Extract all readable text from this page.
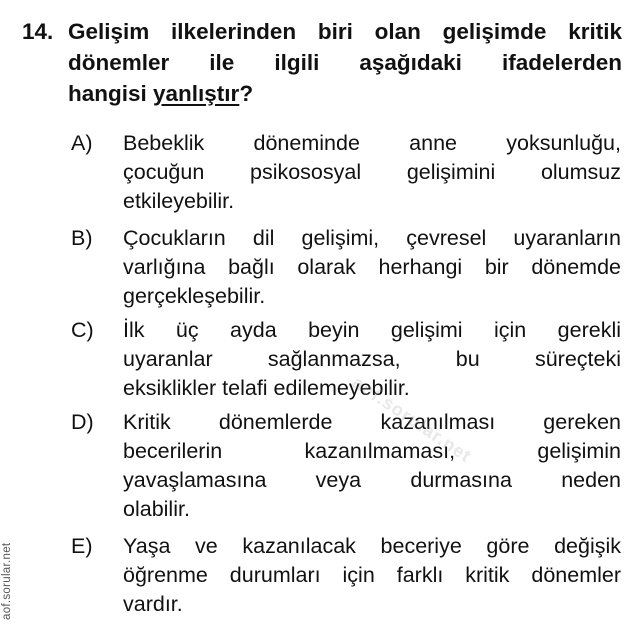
14. Gelişim ilkelerinden biri olan gelişimde kritik
dönemler ile ilgili aşağıdaki ifadelerden
hangisi yanlıştır?
A) Bebeklik döneminde anne yoksunluğu,
çocuğun psikososyal gelişimini olumsuz
etkileyebilir.
B) Çocukların dil gelişimi, çevresel uyaranların
varlığına bağlı olarak herhangi bir dönemde
gerçekleşebilir.
C) İlk üç ayda beyin gelişimi için gerekli
uyaranlar sağlanmazsa, bu süreçteki
eksiklikler telafi edilemeyebilir.
D) Kritik dönemlerde kazanılması gereken
becerilerin kazanılmaması, gelişimin
yavaşlamasına veya durmasına neden
olabilir.
E) Yaşa ve kazanılacak beceriye göre değişik
öğrenme durumları için farklı kritik dönemler
vardır.
aof.sorular.net
aof.sorular.net
